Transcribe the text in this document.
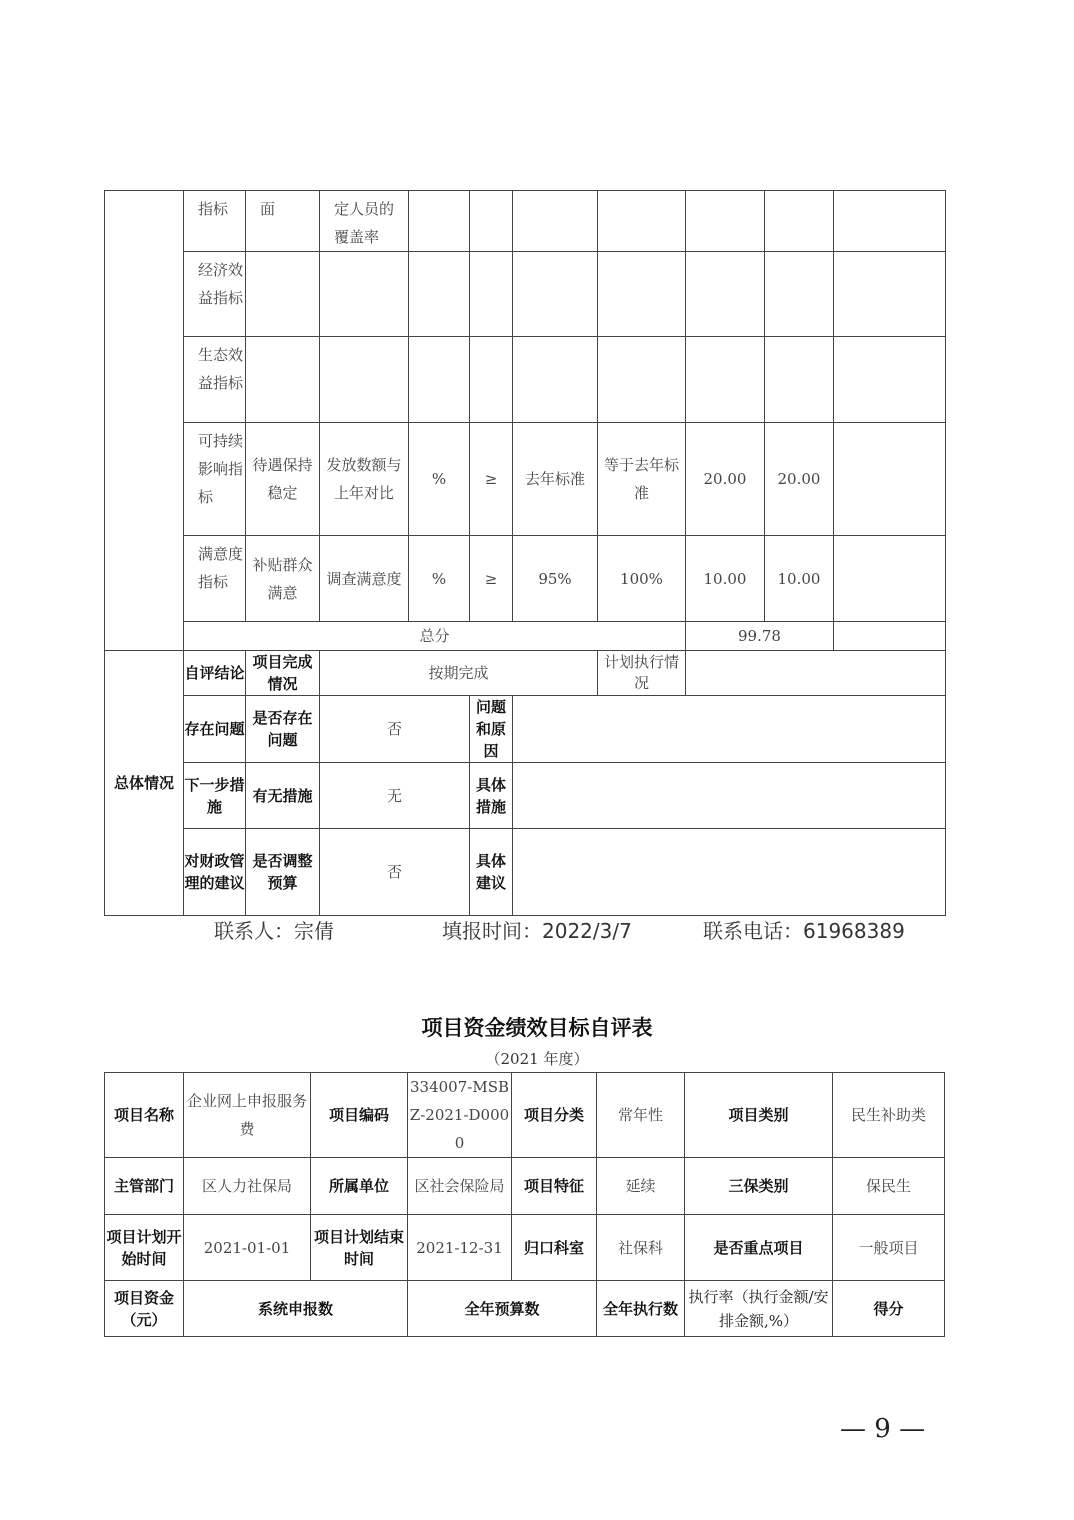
	指标	面	定人员的覆盖率							
	经济效益指标									
	生态效益指标									
	可持续影响指标	待遇保持稳定	发放数额与上年对比	%	≥	去年标准	等于去年标准	20.00	20.00	
	满意度指标	补贴群众满意	调查满意度	%	≥	95%	100%	10.00	10.00	
	总分							99.78		
总体情况	自评结论	项目完成情况	按期完成				计划执行情况			
	存在问题	是否存在问题	否		问题和原因					
	下一步措施	有无措施	无		具体措施					
	对财政管理的建议	是否调整预算	否		具体建议					
联系人：宗倩	填报时间：2022/3/7	联系电话：61968389
项目资金绩效目标自评表
（2021 年度）
项目名称	企业网上申报服务费	项目编码	334007-MSBZ-2021-D0000	项目分类	常年性	项目类别	民生补助类
主管部门	区人力社保局	所属单位	区社会保险局	项目特征	延续	三保类别	保民生
项目计划开始时间	2021-01-01	项目计划结束时间	2021-12-31	归口科室	社保科	是否重点项目	一般项目
项目资金（元）	系统申报数		全年预算数		全年执行数	执行率（执行金额/安排金额,%）	得分
— 9 —
